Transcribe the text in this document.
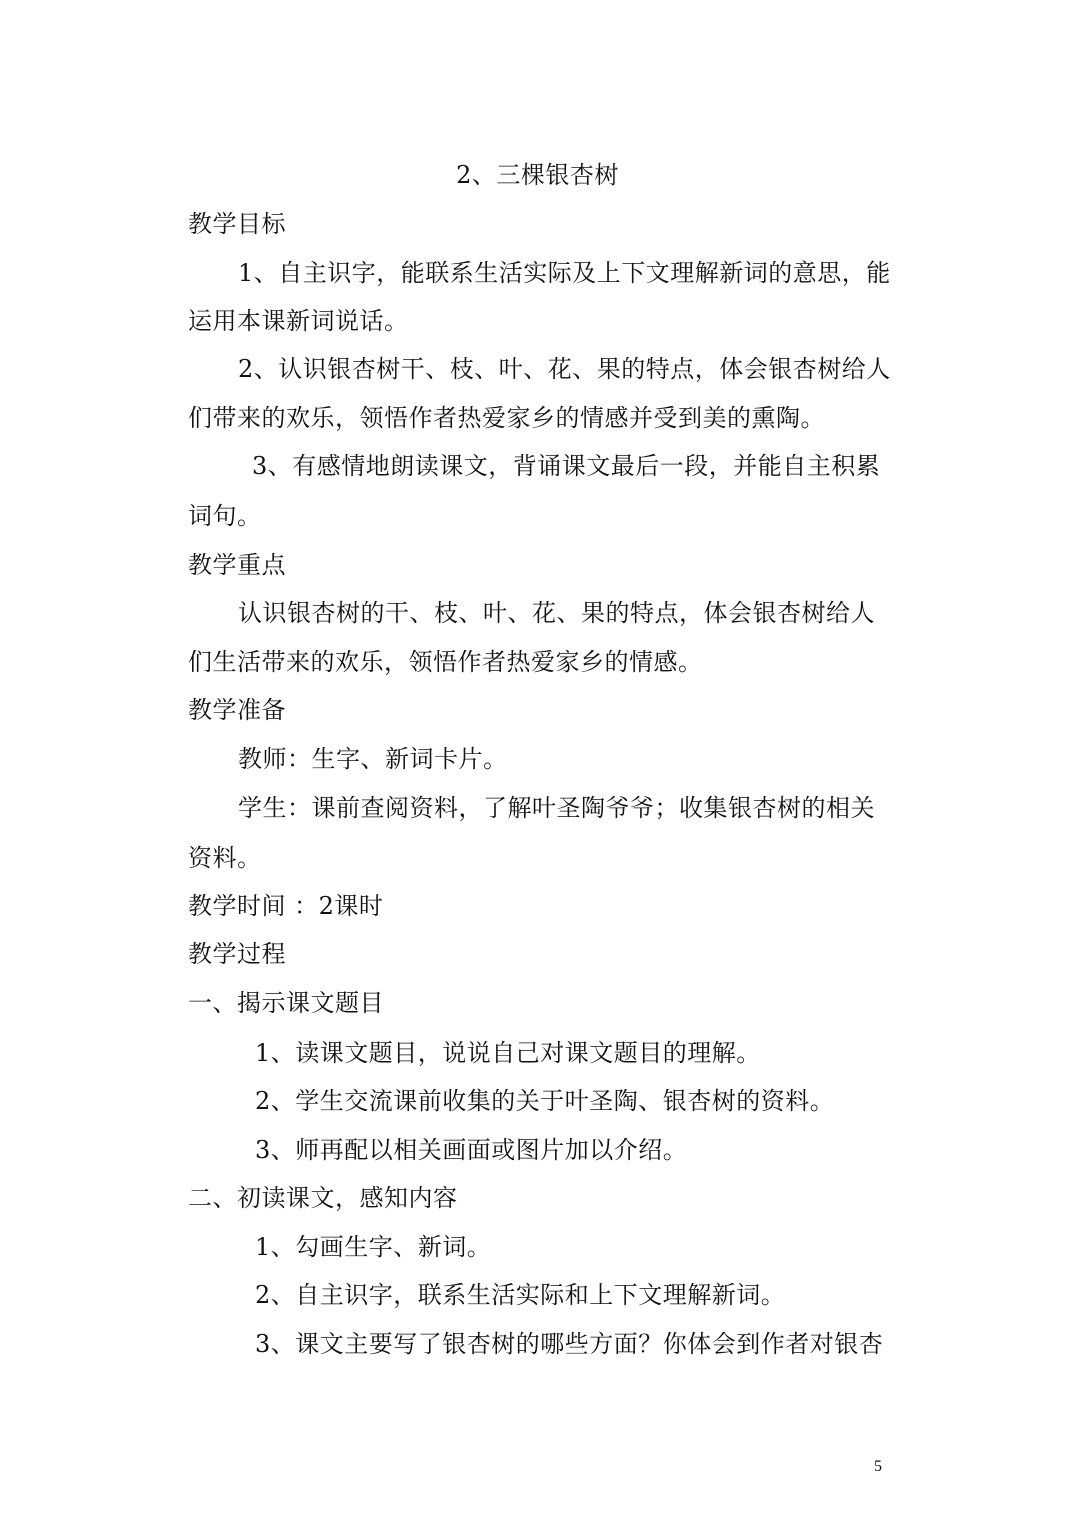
2、三棵银杏树
教学目标
1、自主识字，能联系生活实际及上下文理解新词的意思，能
运用本课新词说话。
2、认识银杏树干、枝、叶、花、果的特点，体会银杏树给人
们带来的欢乐，领悟作者热爱家乡的情感并受到美的熏陶。
3、有感情地朗读课文，背诵课文最后一段，并能自主积累
词句。
教学重点
认识银杏树的干、枝、叶、花、果的特点，体会银杏树给人
们生活带来的欢乐，领悟作者热爱家乡的情感。
教学准备
教师：生字、新词卡片。
学生：课前查阅资料，了解叶圣陶爷爷；收集银杏树的相关
资料。
教学时间 ：2课时
教学过程
一、揭示课文题目
1、读课文题目，说说自己对课文题目的理解。
2、学生交流课前收集的关于叶圣陶、银杏树的资料。
3、师再配以相关画面或图片加以介绍。
二、初读课文，感知内容
1、勾画生字、新词。
2、自主识字，联系生活实际和上下文理解新词。
3、课文主要写了银杏树的哪些方面？你体会到作者对银杏
5
